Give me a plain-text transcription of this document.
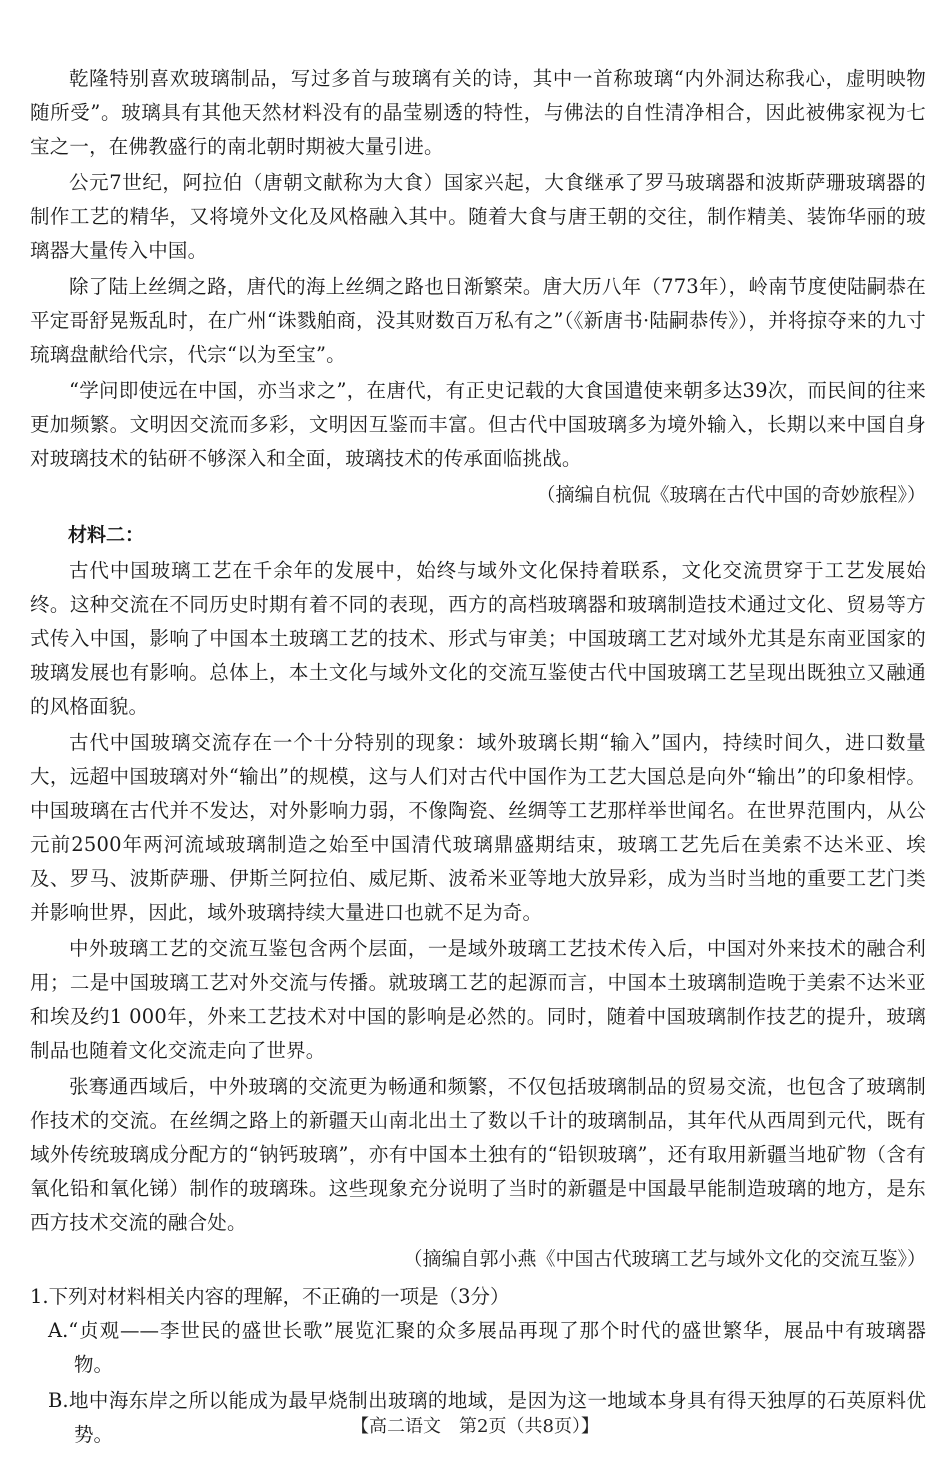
乾隆特别喜欢玻璃制品，写过多首与玻璃有关的诗，其中一首称玻璃“内外洞达称我心，虚明映物随所受”。玻璃具有其他天然材料没有的晶莹剔透的特性，与佛法的自性清净相合，因此被佛家视为七宝之一，在佛教盛行的南北朝时期被大量引进。

公元7世纪，阿拉伯（唐朝文献称为大食）国家兴起，大食继承了罗马玻璃器和波斯萨珊玻璃器的制作工艺的精华，又将境外文化及风格融入其中。随着大食与唐王朝的交往，制作精美、装饰华丽的玻璃器大量传入中国。

除了陆上丝绸之路，唐代的海上丝绸之路也日渐繁荣。唐大历八年（773年），岭南节度使陆嗣恭在平定哥舒晃叛乱时，在广州“诛戮舶商，没其财数百万私有之”（《新唐书·陆嗣恭传》），并将掠夺来的九寸琉璃盘献给代宗，代宗“以为至宝”。

“学问即使远在中国，亦当求之”，在唐代，有正史记载的大食国遣使来朝多达39次，而民间的往来更加频繁。文明因交流而多彩，文明因互鉴而丰富。但古代中国玻璃多为境外输入，长期以来中国自身对玻璃技术的钻研不够深入和全面，玻璃技术的传承面临挑战。

（摘编自杭侃《玻璃在古代中国的奇妙旅程》）

材料二：

古代中国玻璃工艺在千余年的发展中，始终与域外文化保持着联系，文化交流贯穿于工艺发展始终。这种交流在不同历史时期有着不同的表现，西方的高档玻璃器和玻璃制造技术通过文化、贸易等方式传入中国，影响了中国本土玻璃工艺的技术、形式与审美；中国玻璃工艺对域外尤其是东南亚国家的玻璃发展也有影响。总体上，本土文化与域外文化的交流互鉴使古代中国玻璃工艺呈现出既独立又融通的风格面貌。

古代中国玻璃交流存在一个十分特别的现象：域外玻璃长期“输入”国内，持续时间久，进口数量大，远超中国玻璃对外“输出”的规模，这与人们对古代中国作为工艺大国总是向外“输出”的印象相悖。中国玻璃在古代并不发达，对外影响力弱，不像陶瓷、丝绸等工艺那样举世闻名。在世界范围内，从公元前2500年两河流域玻璃制造之始至中国清代玻璃鼎盛期结束，玻璃工艺先后在美索不达米亚、埃及、罗马、波斯萨珊、伊斯兰阿拉伯、威尼斯、波希米亚等地大放异彩，成为当时当地的重要工艺门类并影响世界，因此，域外玻璃持续大量进口也就不足为奇。

中外玻璃工艺的交流互鉴包含两个层面，一是域外玻璃工艺技术传入后，中国对外来技术的融合利用；二是中国玻璃工艺对外交流与传播。就玻璃工艺的起源而言，中国本土玻璃制造晚于美索不达米亚和埃及约1 000年，外来工艺技术对中国的影响是必然的。同时，随着中国玻璃制作技艺的提升，玻璃制品也随着文化交流走向了世界。

张骞通西域后，中外玻璃的交流更为畅通和频繁，不仅包括玻璃制品的贸易交流，也包含了玻璃制作技术的交流。在丝绸之路上的新疆天山南北出土了数以千计的玻璃制品，其年代从西周到元代，既有域外传统玻璃成分配方的“钠钙玻璃”，亦有中国本土独有的“铅钡玻璃”，还有取用新疆当地矿物（含有氧化铅和氧化锑）制作的玻璃珠。这些现象充分说明了当时的新疆是中国最早能制造玻璃的地方，是东西方技术交流的融合处。

（摘编自郭小燕《中国古代玻璃工艺与域外文化的交流互鉴》）

1.下列对材料相关内容的理解，不正确的一项是（3分）

A.“贞观——李世民的盛世长歌”展览汇聚的众多展品再现了那个时代的盛世繁华，展品中有玻璃器物。

B.地中海东岸之所以能成为最早烧制出玻璃的地域，是因为这一地域本身具有得天独厚的石英原料优势。	【高二语文　第2页（共8页）】
